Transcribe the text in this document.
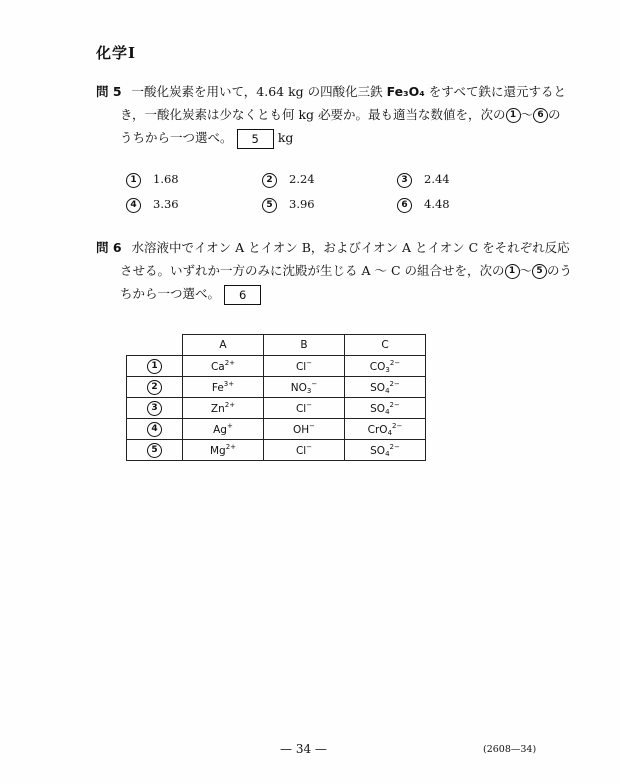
化学Ⅰ
問 5 一酸化炭素を用いて，4.64 kg の四酸化三鉄 Fe₃O₄ をすべて鉄に還元すると
き，一酸化炭素は少なくとも何 kg 必要か。最も適当な数値を，次の 1 〜 6 の
うちから一つ選べ。 5 kg
1 1.68	2 2.24	3 2.44
4 3.36	5 3.96	6 4.48
問 6 水溶液中でイオン A とイオン B，およびイオン A とイオン C をそれぞれ反応
させる。いずれか一方のみに沈殿が生じる A 〜 C の組合せを，次の 1 〜 5 のう
ちから一つ選べ。 6
	A	B	C
1	$Ca^{2+}$	Cl−	$CO_3^{2-}$
2	$Fe^{3+}$	$NO_3^-$	$SO_4^{2-}$
3	$Zn^{2+}$	Cl−	$SO_4^{2-}$
4	Ag+	OH−	CrO$_4^{2-}$
5	$Mg^{2+}$	Cl−	$SO_4^{2-}$
— 34 —	(2608—34)
